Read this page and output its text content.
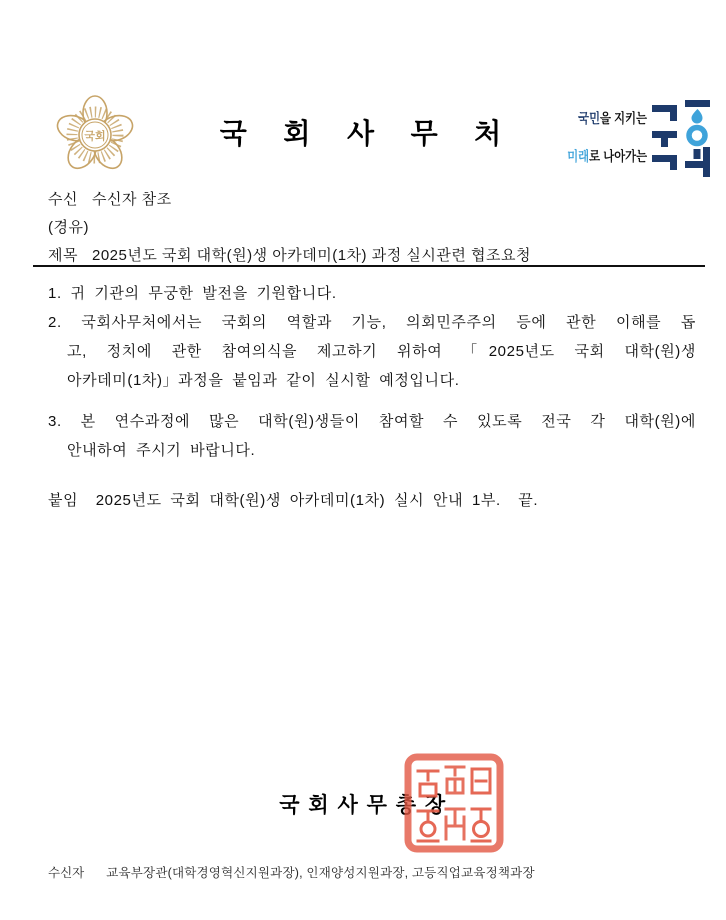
국회	국  회  사  무  처	국민을 지키는
미래로 나아가는
수신 수신자 참조
(경유)
제목 2025년도 국회 대학(원)생 아카데미(1차) 과정 실시관련 협조요청
1. 귀 기관의 무궁한 발전을 기원합니다.
2. 국회사무처에서는 국회의 역할과 기능, 의회민주주의 등에 관한 이해를 돕
고, 정치에 관한 참여의식을 제고하기 위하여 「2025년도 국회 대학(원)생
아카데미(1차)」과정을 붙임과 같이 실시할 예정입니다.
3. 본 연수과정에 많은 대학(원)생들이 참여할 수 있도록 전국 각 대학(원)에
안내하여 주시기 바랍니다.
붙임  2025년도 국회 대학(원)생 아카데미(1차) 실시 안내 1부.  끝.
국 회 사 무 총 장
수신자 교육부장관(대학경영혁신지원과장), 인재양성지원과장, 고등직업교육정책과장
